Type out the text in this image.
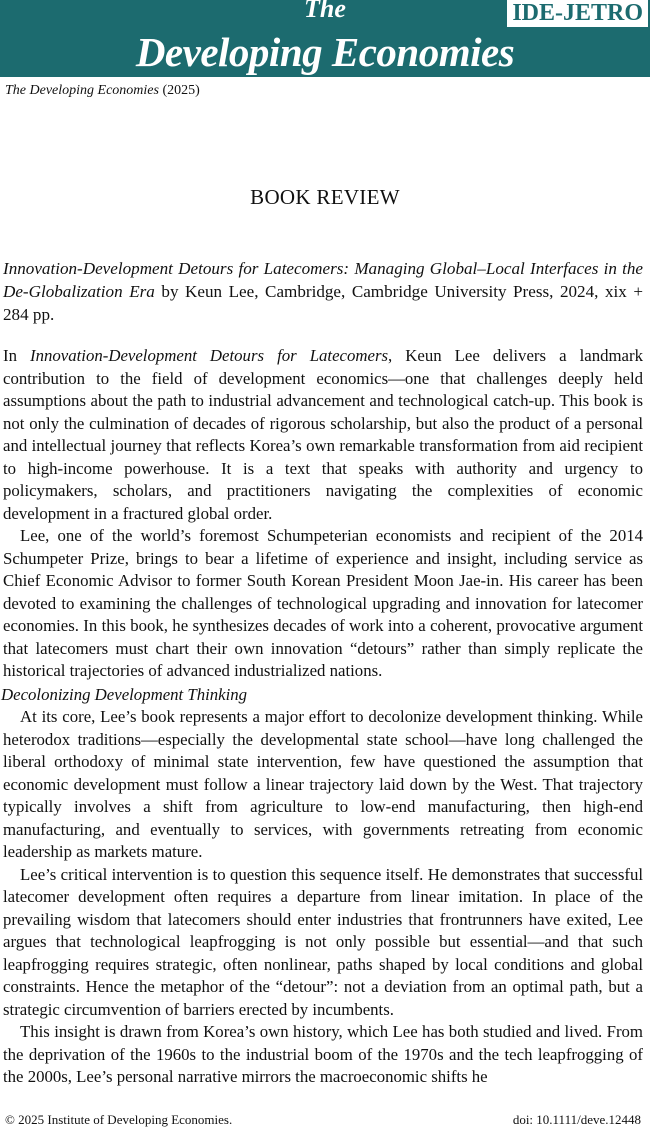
The
Developing Economies
IDE-JETRO
The Developing Economies (2025)
BOOK REVIEW
Innovation-Development Detours for Latecomers: Managing Global–Local Interfaces in the De-Globalization Era by Keun Lee, Cambridge, Cambridge University Press, 2024, xix + 284 pp.

In Innovation-Development Detours for Latecomers, Keun Lee delivers a landmark contribution to the field of development economics—one that challenges deeply held assumptions about the path to industrial advancement and technological catch-up. This book is not only the culmination of decades of rigorous scholarship, but also the product of a personal and intellectual journey that reflects Korea’s own remarkable transformation from aid recipient to high-income powerhouse. It is a text that speaks with authority and urgency to policymakers, scholars, and practitioners navigating the complexities of economic development in a fractured global order.

Lee, one of the world’s foremost Schumpeterian economists and recipient of the 2014 Schumpeter Prize, brings to bear a lifetime of experience and insight, including service as Chief Economic Advisor to former South Korean President Moon Jae-in. His career has been devoted to examining the challenges of technological upgrading and innovation for latecomer economies. In this book, he synthesizes decades of work into a coherent, provocative argument that latecomers must chart their own innovation “detours” rather than simply replicate the historical trajectories of advanced industrialized nations.

Decolonizing Development Thinking

At its core, Lee’s book represents a major effort to decolonize development thinking. While heterodox traditions—especially the developmental state school—have long challenged the liberal orthodoxy of minimal state intervention, few have questioned the assumption that economic development must follow a linear trajectory laid down by the West. That trajectory typically involves a shift from agriculture to low-end manufacturing, then high-end manufacturing, and eventually to services, with governments retreating from economic leadership as markets mature.

Lee’s critical intervention is to question this sequence itself. He demonstrates that successful latecomer development often requires a departure from linear imitation. In place of the prevailing wisdom that latecomers should enter industries that frontrunners have exited, Lee argues that technological leapfrogging is not only possible but essential—and that such leapfrogging requires strategic, often nonlinear, paths shaped by local conditions and global constraints. Hence the metaphor of the “detour”: not a deviation from an optimal path, but a strategic circumvention of barriers erected by incumbents.

This insight is drawn from Korea’s own history, which Lee has both studied and lived. From the deprivation of the 1960s to the industrial boom of the 1970s and the tech leapfrogging of the 2000s, Lee’s personal narrative mirrors the macroeconomic shifts he

© 2025 Institute of Developing Economies.	doi: 10.1111/deve.12448
